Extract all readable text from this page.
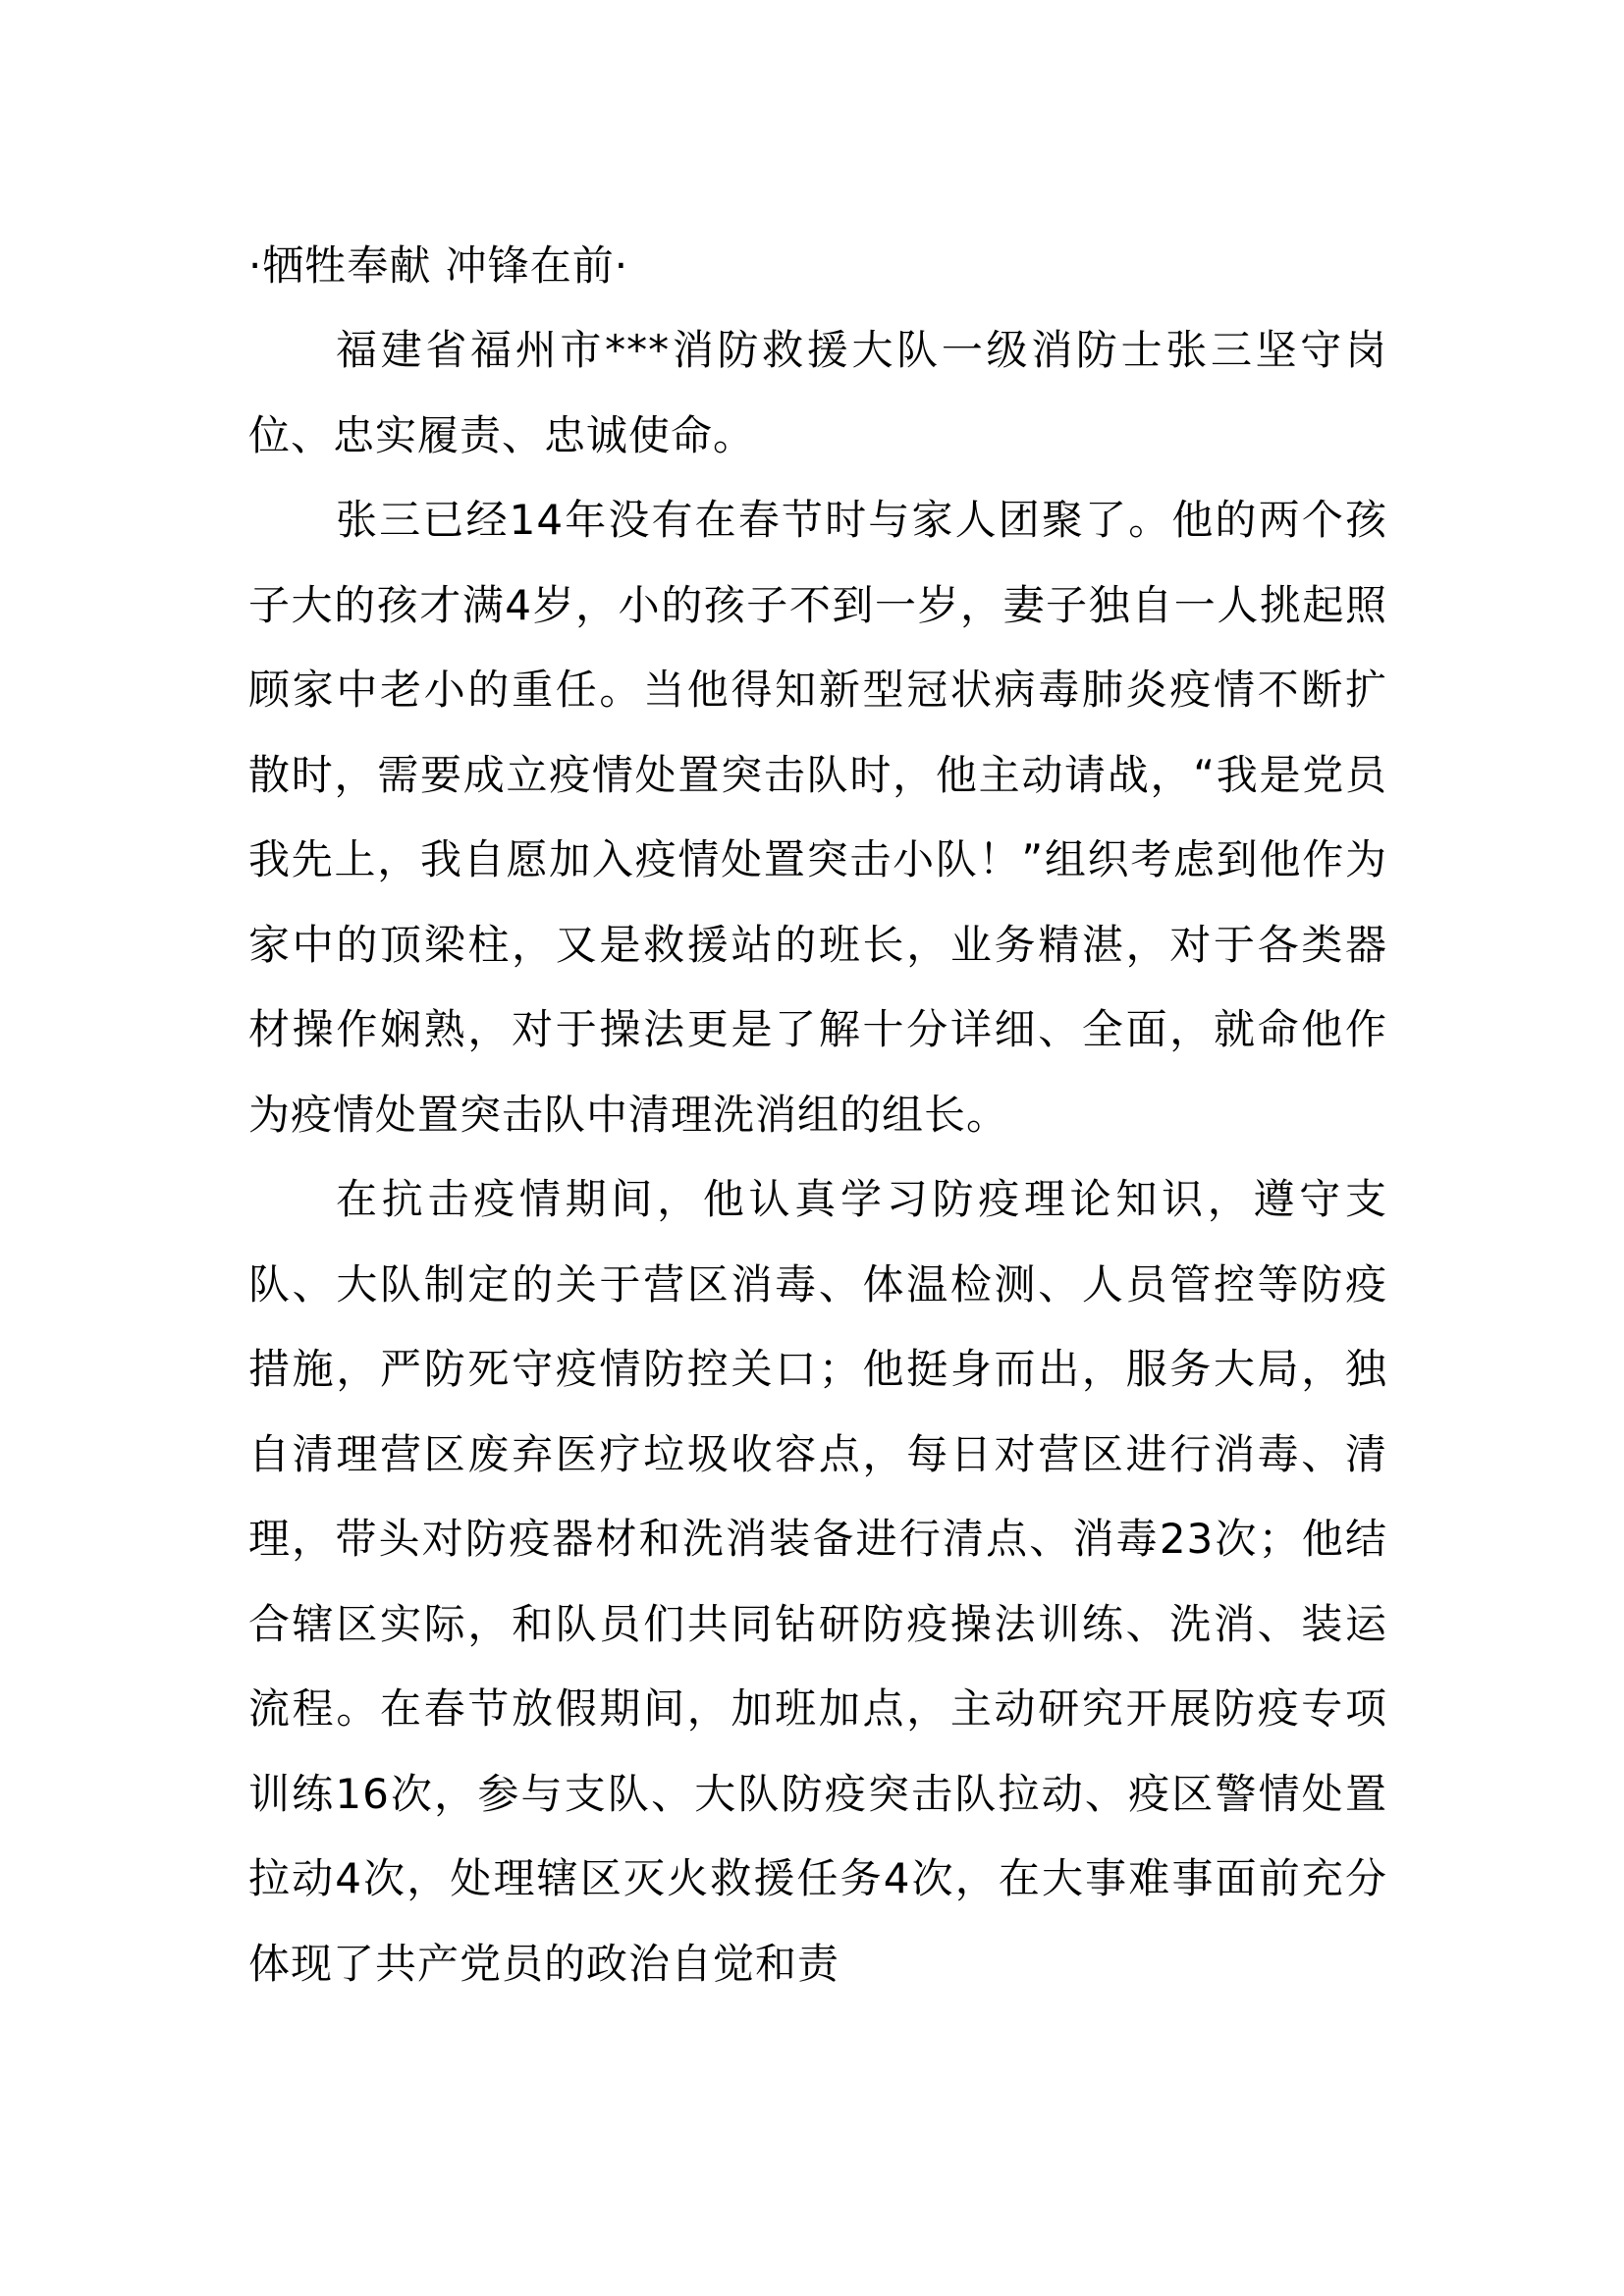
·牺牲奉献 冲锋在前·

福建省福州市***消防救援大队一级消防士张三坚守岗位、忠实履责、忠诚使命。

张三已经14年没有在春节时与家人团聚了。他的两个孩子大的孩才满4岁，小的孩子不到一岁，妻子独自一人挑起照顾家中老小的重任。当他得知新型冠状病毒肺炎疫情不断扩散时，需要成立疫情处置突击队时，他主动请战，“我是党员我先上，我自愿加入疫情处置突击小队！”组织考虑到他作为家中的顶梁柱，又是救援站的班长，业务精湛，对于各类器材操作娴熟，对于操法更是了解十分详细、全面，就命他作为疫情处置突击队中清理洗消组的组长。

在抗击疫情期间，他认真学习防疫理论知识，遵守支队、大队制定的关于营区消毒、体温检测、人员管控等防疫措施，严防死守疫情防控关口；他挺身而出，服务大局，独自清理营区废弃医疗垃圾收容点，每日对营区进行消毒、清理，带头对防疫器材和洗消装备进行清点、消毒23次；他结合辖区实际，和队员们共同钻研防疫操法训练、洗消、装运流程。在春节放假期间，加班加点，主动研究开展防疫专项训练16次，参与支队、大队防疫突击队拉动、疫区警情处置拉动4次，处理辖区灭火救援任务4次，在大事难事面前充分体现了共产党员的政治自觉和责
